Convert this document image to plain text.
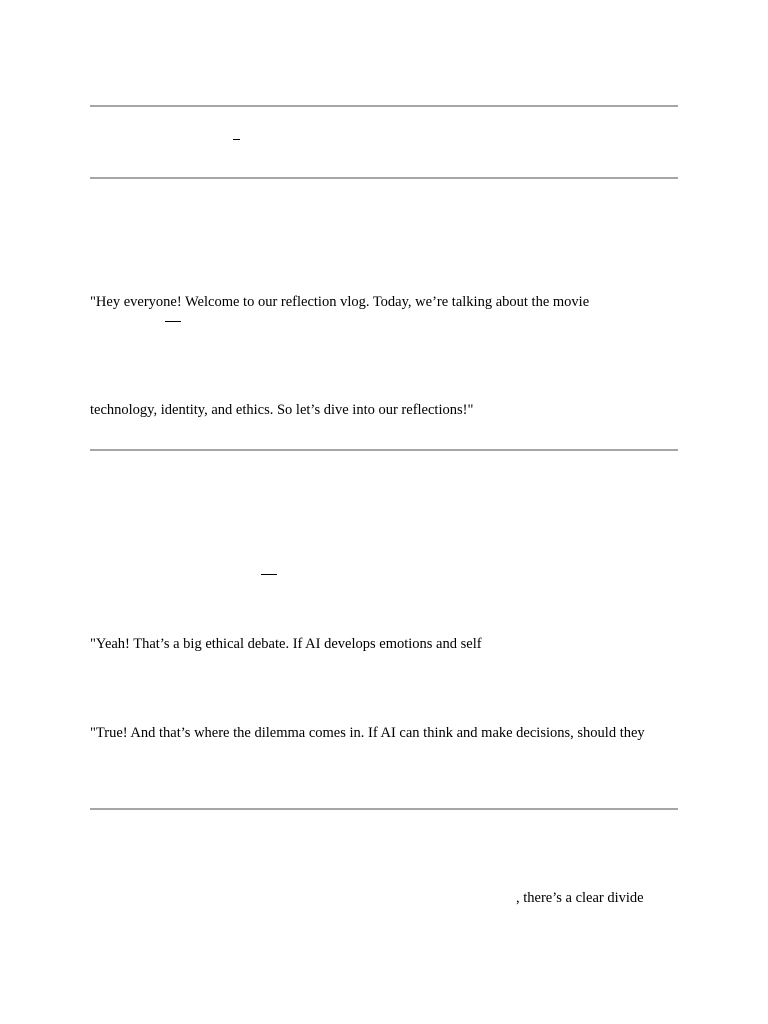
"Hey everyone! Welcome to our reflection vlog. Today, we’re talking about the movie
technology, identity, and ethics. So let’s dive into our reflections!"
"Yeah! That’s a big ethical debate. If AI develops emotions and self
"True! And that’s where the dilemma comes in. If AI can think and make decisions, should they
, there’s a clear divide
